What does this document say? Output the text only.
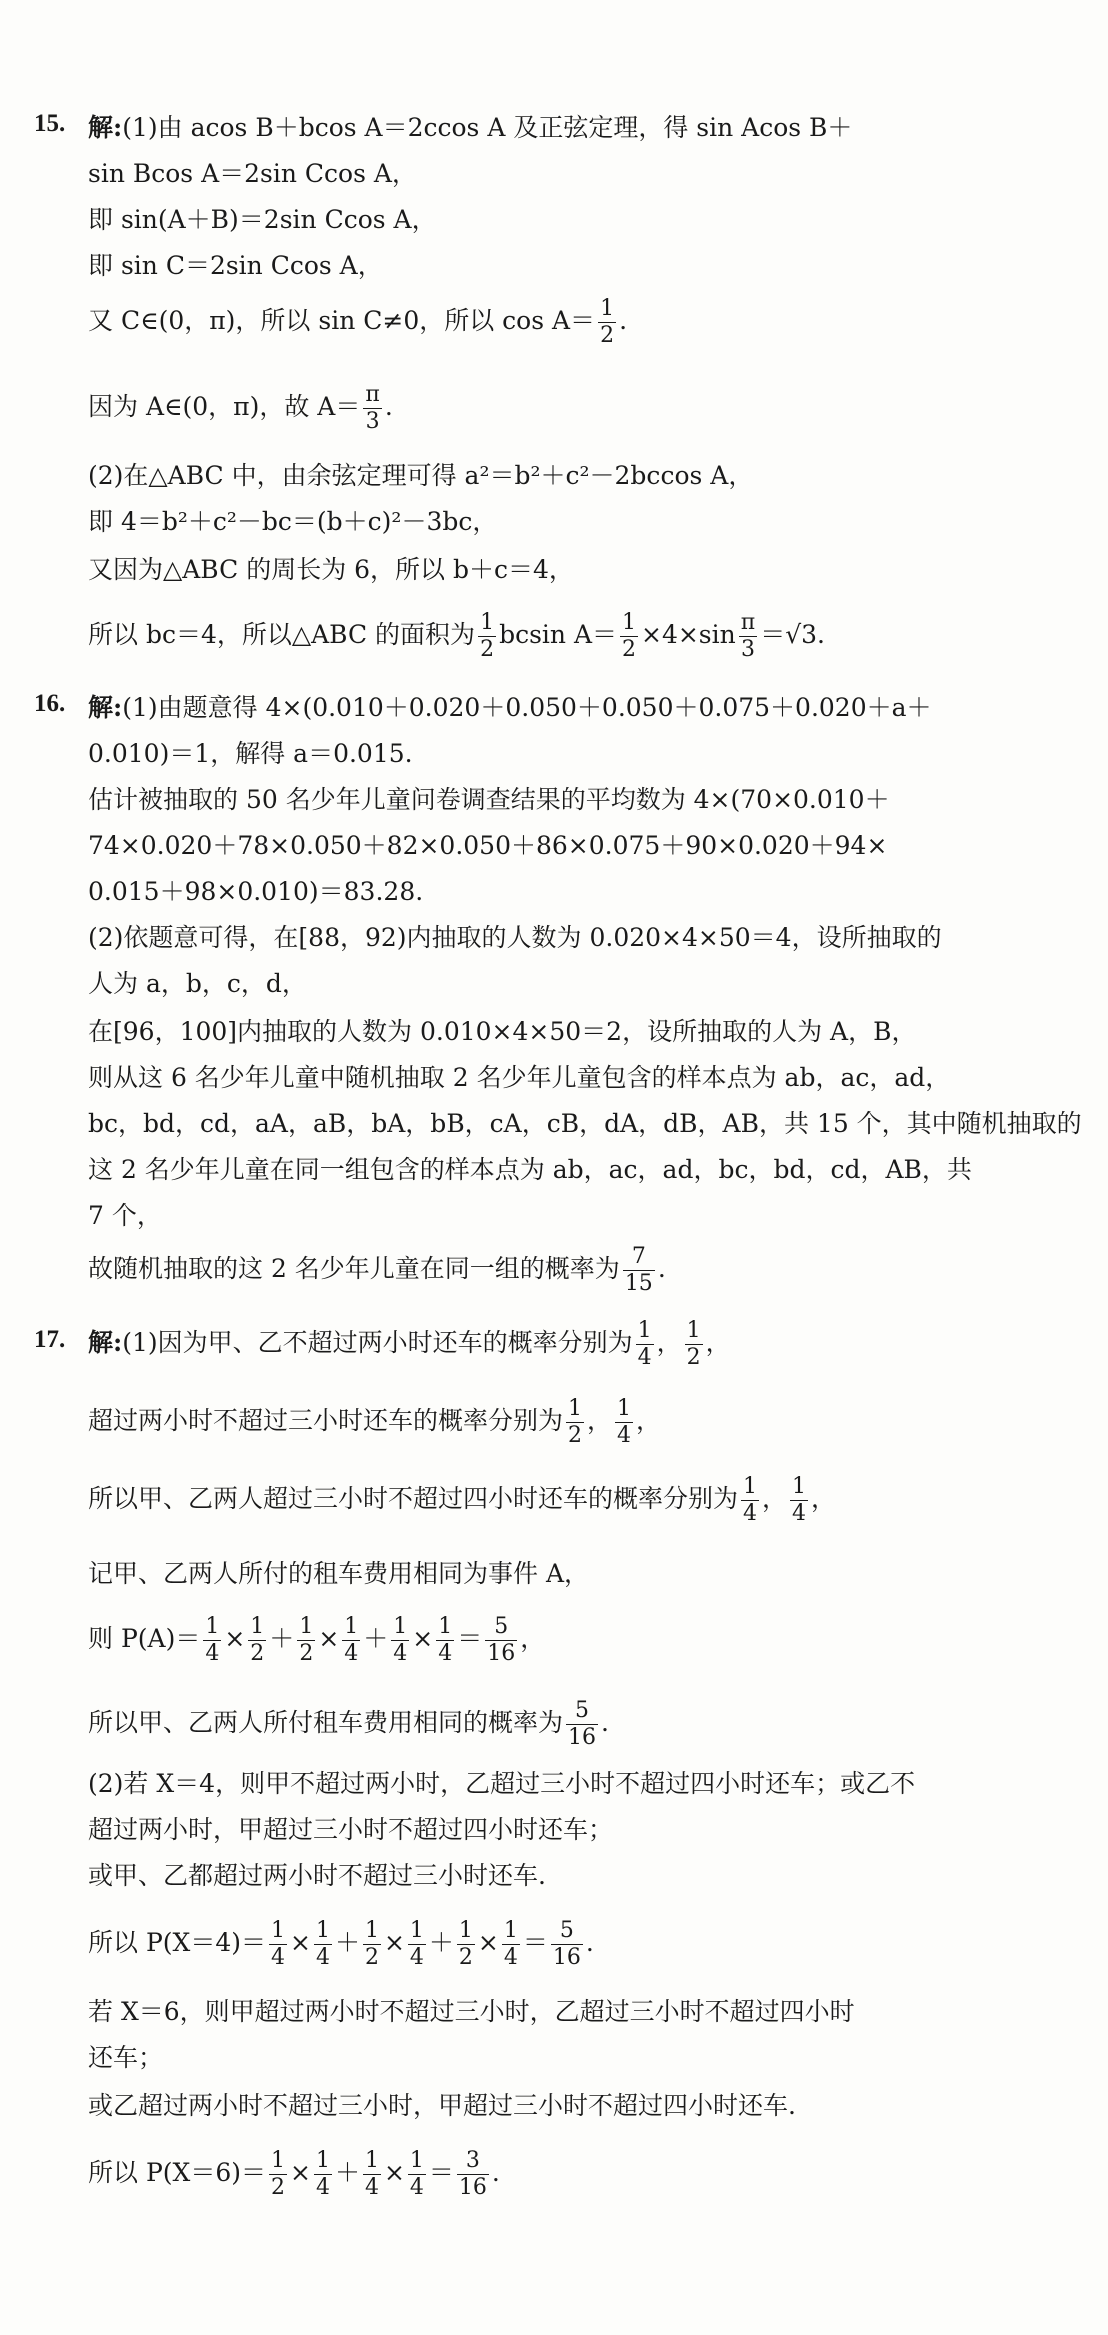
15. 解:(1)由 acos B＋bcos A＝2ccos A 及正弦定理，得 sin Acos B＋
sin Bcos A＝2sin Ccos A，
即 sin(A＋B)＝2sin Ccos A，
即 sin C＝2sin Ccos A，
又 C∈(0，π)，所以 sin C≠0，所以 $\cos A= \frac{1}{2}$ .
因为 A∈(0，π)，故 $A= \frac{\pi}{3}$ .
(2)在△ABC 中，由余弦定理可得 a²＝b²＋c²－2bccos A，
即 4＝b²＋c²－bc＝(b＋c)²－3bc，
又因为△ABC 的周长为 6，所以 b＋c＝4，
所以 bc＝4，所以△ABC 的面积为 $\frac{1}{2}$ bcsin $A= \frac{1}{2} \times 4\times\sin \frac{\pi}{3} =√3$.
16. 解:(1)由题意得 4×(0.010＋0.020＋0.050＋0.050＋0.075＋0.020＋a＋
0.010)＝1，解得 a＝0.015.
估计被抽取的 50 名少年儿童问卷调查结果的平均数为 4×(70×0.010＋
74×0.020＋78×0.050＋82×0.050＋86×0.075＋90×0.020＋94×
0.015＋98×0.010)＝83.28.
(2)依题意可得，在[88，92)内抽取的人数为 0.020×4×50＝4，设所抽取的
人为 a，b，c，d，
在[96，100]内抽取的人数为 0.010×4×50＝2，设所抽取的人为 A，B，
则从这 6 名少年儿童中随机抽取 2 名少年儿童包含的样本点为 ab，ac，ad，
bc，bd，cd，aA，aB，bA，bB，cA，cB，dA，dB，AB，共 15 个，其中随机抽取的
这 2 名少年儿童在同一组包含的样本点为 ab，ac，ad，bc，bd，cd，AB，共
7 个，
故随机抽取的这 2 名少年儿童在同一组的概率为 $\frac{7}{15}$ .
17. 解:(1)因为甲、乙不超过两小时还车的概率分别为 $\frac{1}{4}$ ， $\frac{1}{2}$ ，
超过两小时不超过三小时还车的概率分别为 $\frac{1}{2}$ ， $\frac{1}{4}$ ，
所以甲、乙两人超过三小时不超过四小时还车的概率分别为 $\frac{1}{4}$ ， $\frac{1}{4}$ ，
记甲、乙两人所付的租车费用相同为事件 A，
则 $P(A)= \frac{1}{4} \times \frac{1}{2} + \frac{1}{2} \times \frac{1}{4} + \frac{1}{4} \times \frac{1}{4} = \frac{5}{16}$ ，
所以甲、乙两人所付租车费用相同的概率为 $\frac{5}{16}$ .
(2)若 X＝4，则甲不超过两小时，乙超过三小时不超过四小时还车；或乙不
超过两小时，甲超过三小时不超过四小时还车；
或甲、乙都超过两小时不超过三小时还车.
所以 $P(X=4)= \frac{1}{4} \times \frac{1}{4} + \frac{1}{2} \times \frac{1}{4} + \frac{1}{2} \times \frac{1}{4} = \frac{5}{16}$ .
若 X＝6，则甲超过两小时不超过三小时，乙超过三小时不超过四小时
还车；
或乙超过两小时不超过三小时，甲超过三小时不超过四小时还车.
所以 $P(X=6)= \frac{1}{2} \times \frac{1}{4} + \frac{1}{4} \times \frac{1}{4} = \frac{3}{16}$ .
